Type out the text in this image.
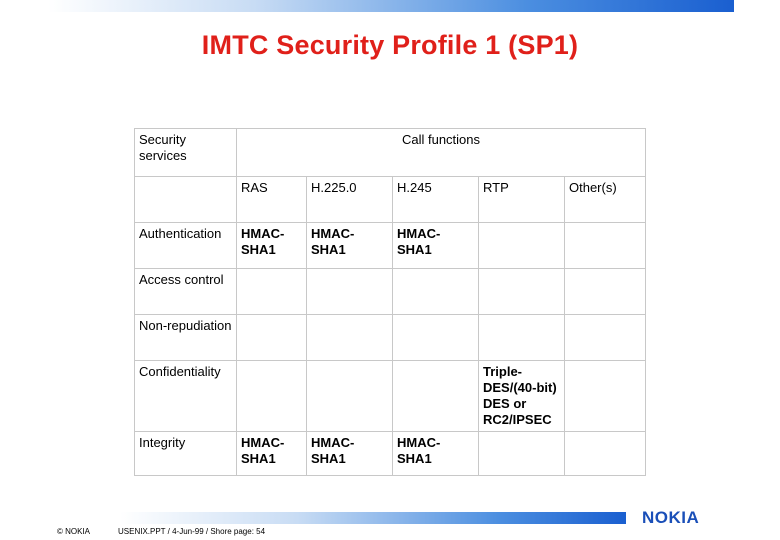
IMTC Security Profile 1 (SP1)
Security services	Call functions				
	RAS	H.225.0	H.245	RTP	Other(s)
Authentication	HMAC-SHA1	HMAC-SHA1	HMAC-SHA1		
Access control					
Non-repudiation					
Confidentiality				Triple-DES/(40-bit) DES or RC2/IPSEC	
Integrity	HMAC-SHA1	HMAC-SHA1	HMAC-SHA1		
NOKIA
© NOKIA	USENIX.PPT / 4-Jun-99 / Shore page: 54
